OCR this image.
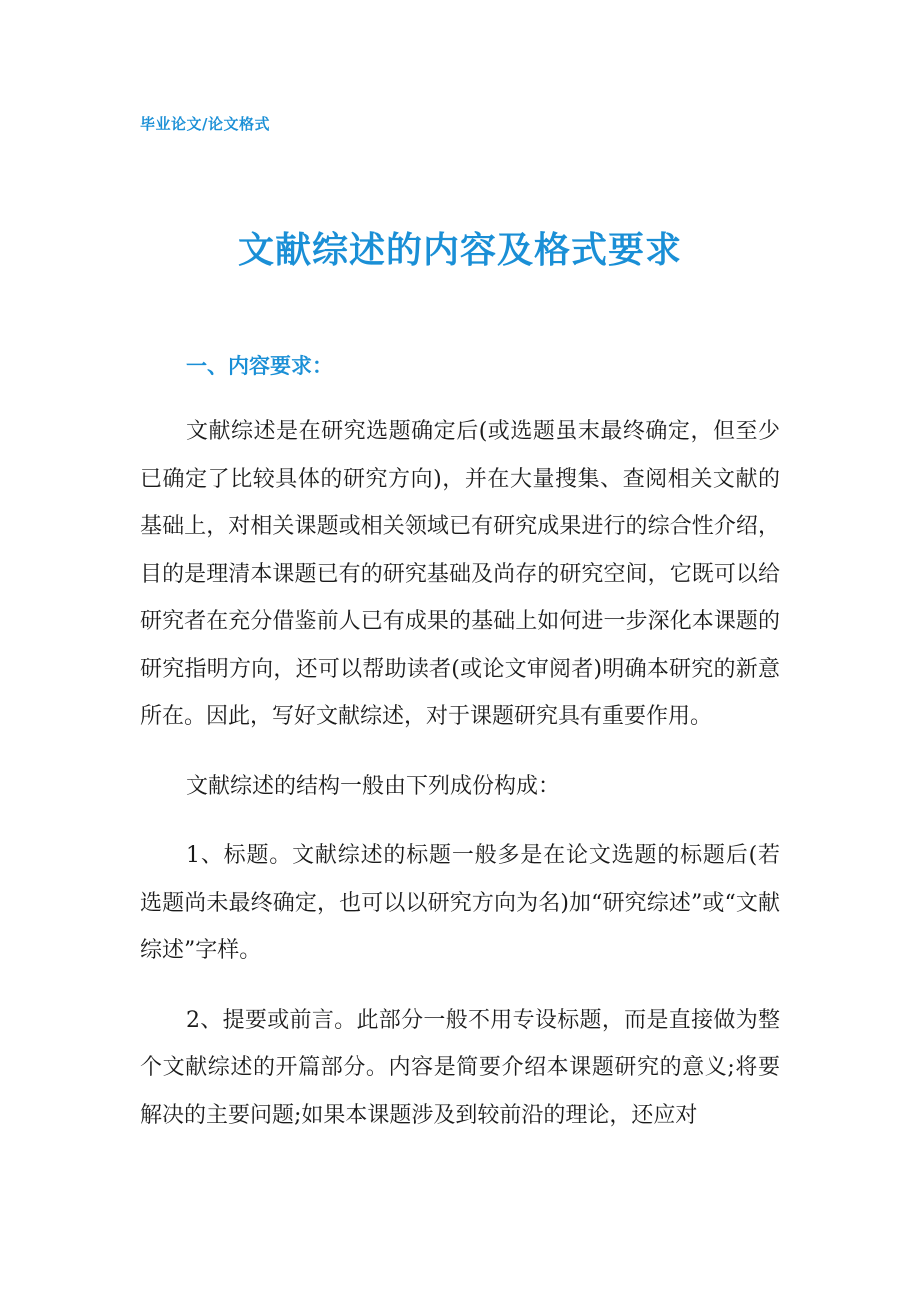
毕业论文/论文格式
文献综述的内容及格式要求
一、内容要求：

文献综述是在研究选题确定后(或选题虽末最终确定，但至少已确定了比较具体的研究方向)，并在大量搜集、查阅相关文献的基础上，对相关课题或相关领域已有研究成果进行的综合性介绍，目的是理清本课题已有的研究基础及尚存的研究空间，它既可以给研究者在充分借鉴前人已有成果的基础上如何进一步深化本课题的研究指明方向，还可以帮助读者(或论文审阅者)明确本研究的新意所在。因此，写好文献综述，对于课题研究具有重要作用。

文献综述的结构一般由下列成份构成：

1、标题。文献综述的标题一般多是在论文选题的标题后(若选题尚未最终确定，也可以以研究方向为名)加“研究综述”或“文献综述”字样。

2、提要或前言。此部分一般不用专设标题，而是直接做为整个文献综述的开篇部分。内容是简要介绍本课题研究的意义;将要解决的主要问题;如果本课题涉及到较前沿的理论，还应对
